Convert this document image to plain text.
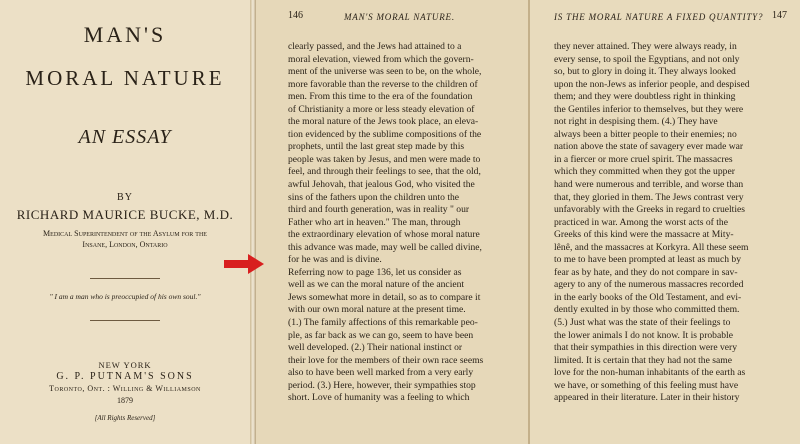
MAN'S
MORAL NATURE
AN ESSAY
BY
RICHARD MAURICE BUCKE, M.D.
Medical Superintendent of the Asylum for the Insane, London, Ontario
" I am a man who is preoccupied of his own soul."
NEW YORK
G. P. PUTNAM'S SONS
Toronto, Ont. : Willing & Williamson
1879
[All Rights Reserved]
146	MAN'S MORAL NATURE.
clearly passed, and the Jews had attained to a
moral elevation, viewed from which the govern-
ment of the universe was seen to be, on the whole,
more favorable than the reverse to the children of
men. From this time to the era of the foundation
of Christianity a more or less steady elevation of
the moral nature of the Jews took place, an eleva-
tion evidenced by the sublime compositions of the
prophets, until the last great step made by this
people was taken by Jesus, and men were made to
feel, and through their feelings to see, that the old,
awful Jehovah, that jealous God, who visited the
sins of the fathers upon the children unto the
third and fourth generation, was in reality " our
Father who art in heaven." The man, through
the extraordinary elevation of whose moral nature
this advance was made, may well be called divine,
for he was and is divine.
Referring now to page 136, let us consider as
well as we can the moral nature of the ancient
Jews somewhat more in detail, so as to compare it
with our own moral nature at the present time.
(1.) The family affections of this remarkable peo-
ple, as far back as we can go, seem to have been
well developed. (2.) Their national instinct or
their love for the members of their own race seems
also to have been well marked from a very early
period. (3.) Here, however, their sympathies stop
short. Love of humanity was a feeling to which
IS THE MORAL NATURE A FIXED QUANTITY? 147
they never attained. They were always ready, in
every sense, to spoil the Egyptians, and not only
so, but to glory in doing it. They always looked
upon the non-Jews as inferior people, and despised
them; and they were doubtless right in thinking
the Gentiles inferior to themselves, but they were
not right in despising them. (4.) They have
always been a bitter people to their enemies; no
nation above the state of savagery ever made war
in a fiercer or more cruel spirit. The massacres
which they committed when they got the upper
hand were numerous and terrible, and worse than
that, they gloried in them. The Jews contrast very
unfavorably with the Greeks in regard to cruelties
practiced in war. Among the worst acts of the
Greeks of this kind were the massacre at Mity-
lênê, and the massacres at Korkyra. All these seem
to me to have been prompted at least as much by
fear as by hate, and they do not compare in sav-
agery to any of the numerous massacres recorded
in the early books of the Old Testament, and evi-
dently exulted in by those who committed them.
(5.) Just what was the state of their feelings to
the lower animals I do not know. It is probable
that their sympathies in this direction were very
limited. It is certain that they had not the same
love for the non-human inhabitants of the earth as
we have, or something of this feeling must have
appeared in their literature. Later in their history
